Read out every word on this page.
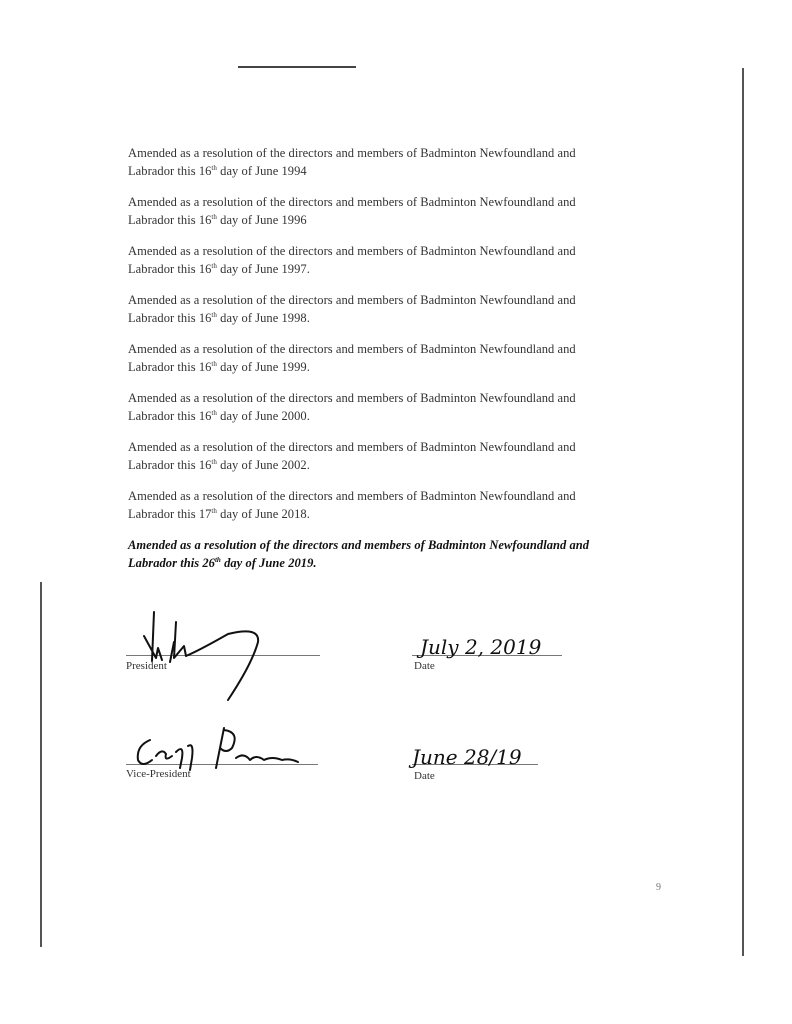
Amended as a resolution of the directors and members of Badminton Newfoundland and
Labrador this 16th day of June 1994
Amended as a resolution of the directors and members of Badminton Newfoundland and
Labrador this 16th day of June 1996
Amended as a resolution of the directors and members of Badminton Newfoundland and
Labrador this 16th day of June 1997.
Amended as a resolution of the directors and members of Badminton Newfoundland and
Labrador this 16th day of June 1998.
Amended as a resolution of the directors and members of Badminton Newfoundland and
Labrador this 16th day of June 1999.
Amended as a resolution of the directors and members of Badminton Newfoundland and
Labrador this 16th day of June 2000.
Amended as a resolution of the directors and members of Badminton Newfoundland and
Labrador this 16th day of June 2002.
Amended as a resolution of the directors and members of Badminton Newfoundland and
Labrador this 17th day of June 2018.
Amended as a resolution of the directors and members of Badminton Newfoundland and
Labrador this 26th day of June 2019.
President
July 2, 2019
Date
Vice-President
June 28/19
Date
9
